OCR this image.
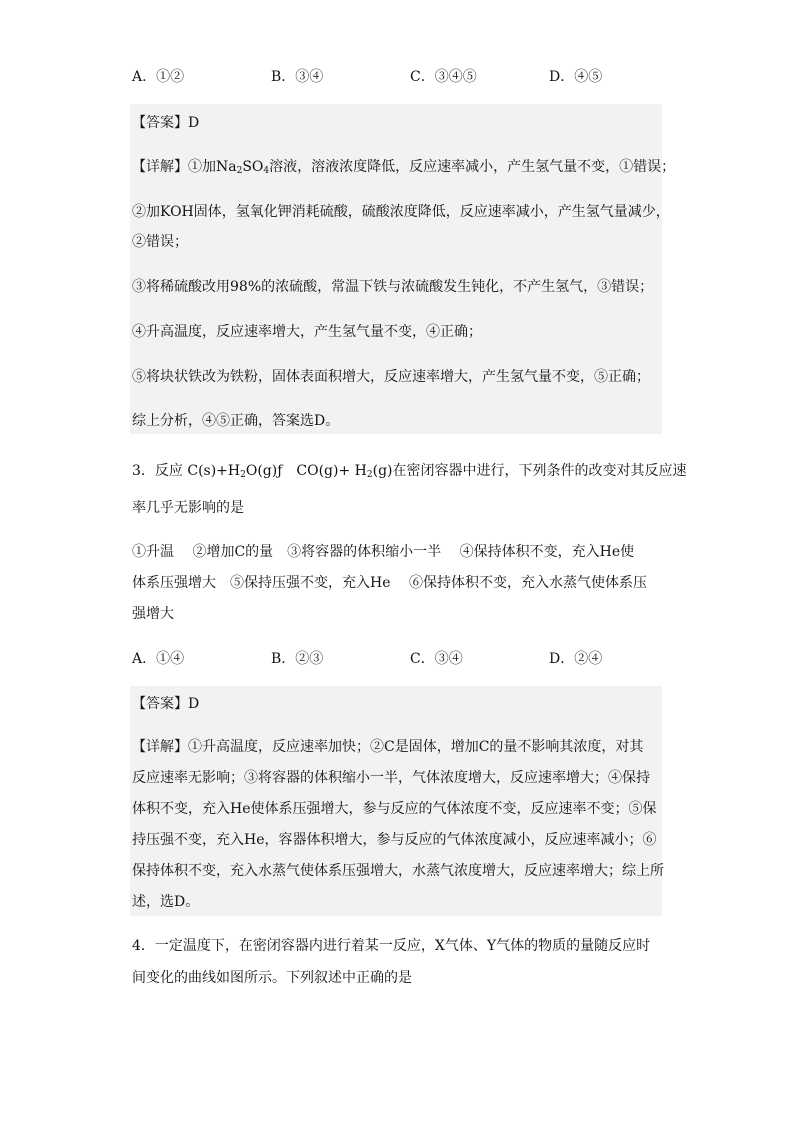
A．①②	B．③④	C．③④⑤	D．④⑤
【答案】D
【详解】①加$Na_2SO_4$溶液，溶液浓度降低，反应速率减小，产生氢气量不变，①错误；
②加KOH固体，氢氧化钾消耗硫酸，硫酸浓度降低，反应速率减小，产生氢气量减少，
②错误；
③将稀硫酸改用98%的浓硫酸，常温下铁与浓硫酸发生钝化，不产生氢气，③错误；
④升高温度，反应速率增大，产生氢气量不变，④正确；
⑤将块状铁改为铁粉，固体表面积增大，反应速率增大，产生氢气量不变，⑤正确；
综上分析，④⑤正确，答案选D。
3．反应 $C(s)+H_2O(g)ƒ$　$CO(g)+ H_2(g)$在密闭容器中进行，下列条件的改变对其反应速
率几乎无影响的是
①升温　 ②增加C的量　③将容器的体积缩小一半　 ④保持体积不变，充入He使
体系压强增大　⑤保持压强不变，充入He　 ⑥保持体积不变，充入水蒸气使体系压
强增大
A．①④	B．②③	C．③④	D．②④
【答案】D
【详解】①升高温度，反应速率加快；②C是固体，增加C的量不影响其浓度，对其
反应速率无影响；③将容器的体积缩小一半，气体浓度增大，反应速率增大；④保持
体积不变，充入He使体系压强增大，参与反应的气体浓度不变，反应速率不变；⑤保
持压强不变，充入He，容器体积增大，参与反应的气体浓度减小，反应速率减小；⑥
保持体积不变，充入水蒸气使体系压强增大，水蒸气浓度增大，反应速率增大；综上所
述，选D。
4．一定温度下，在密闭容器内进行着某一反应，X气体、Y气体的物质的量随反应时
间变化的曲线如图所示。下列叙述中正确的是
